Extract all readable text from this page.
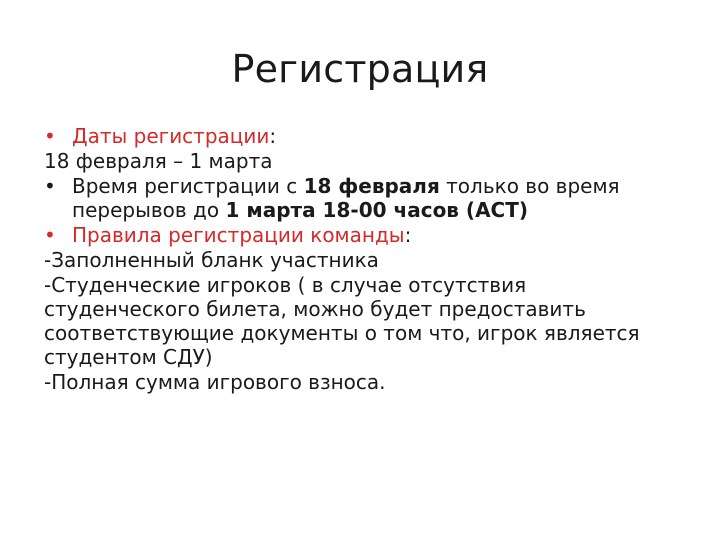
Регистрация
• Даты регистрации:
18 февраля – 1 марта
• Время регистрации с 18 февраля только во время
перерывов до 1 марта 18-00 часов (АСТ)
• Правила регистрации команды:
-Заполненный бланк участника
-Студенческие игроков ( в случае отсутствия
студенческого билета, можно будет предоставить
соответствующие документы о том что, игрок является
студентом СДУ)
-Полная сумма игрового взноса.
